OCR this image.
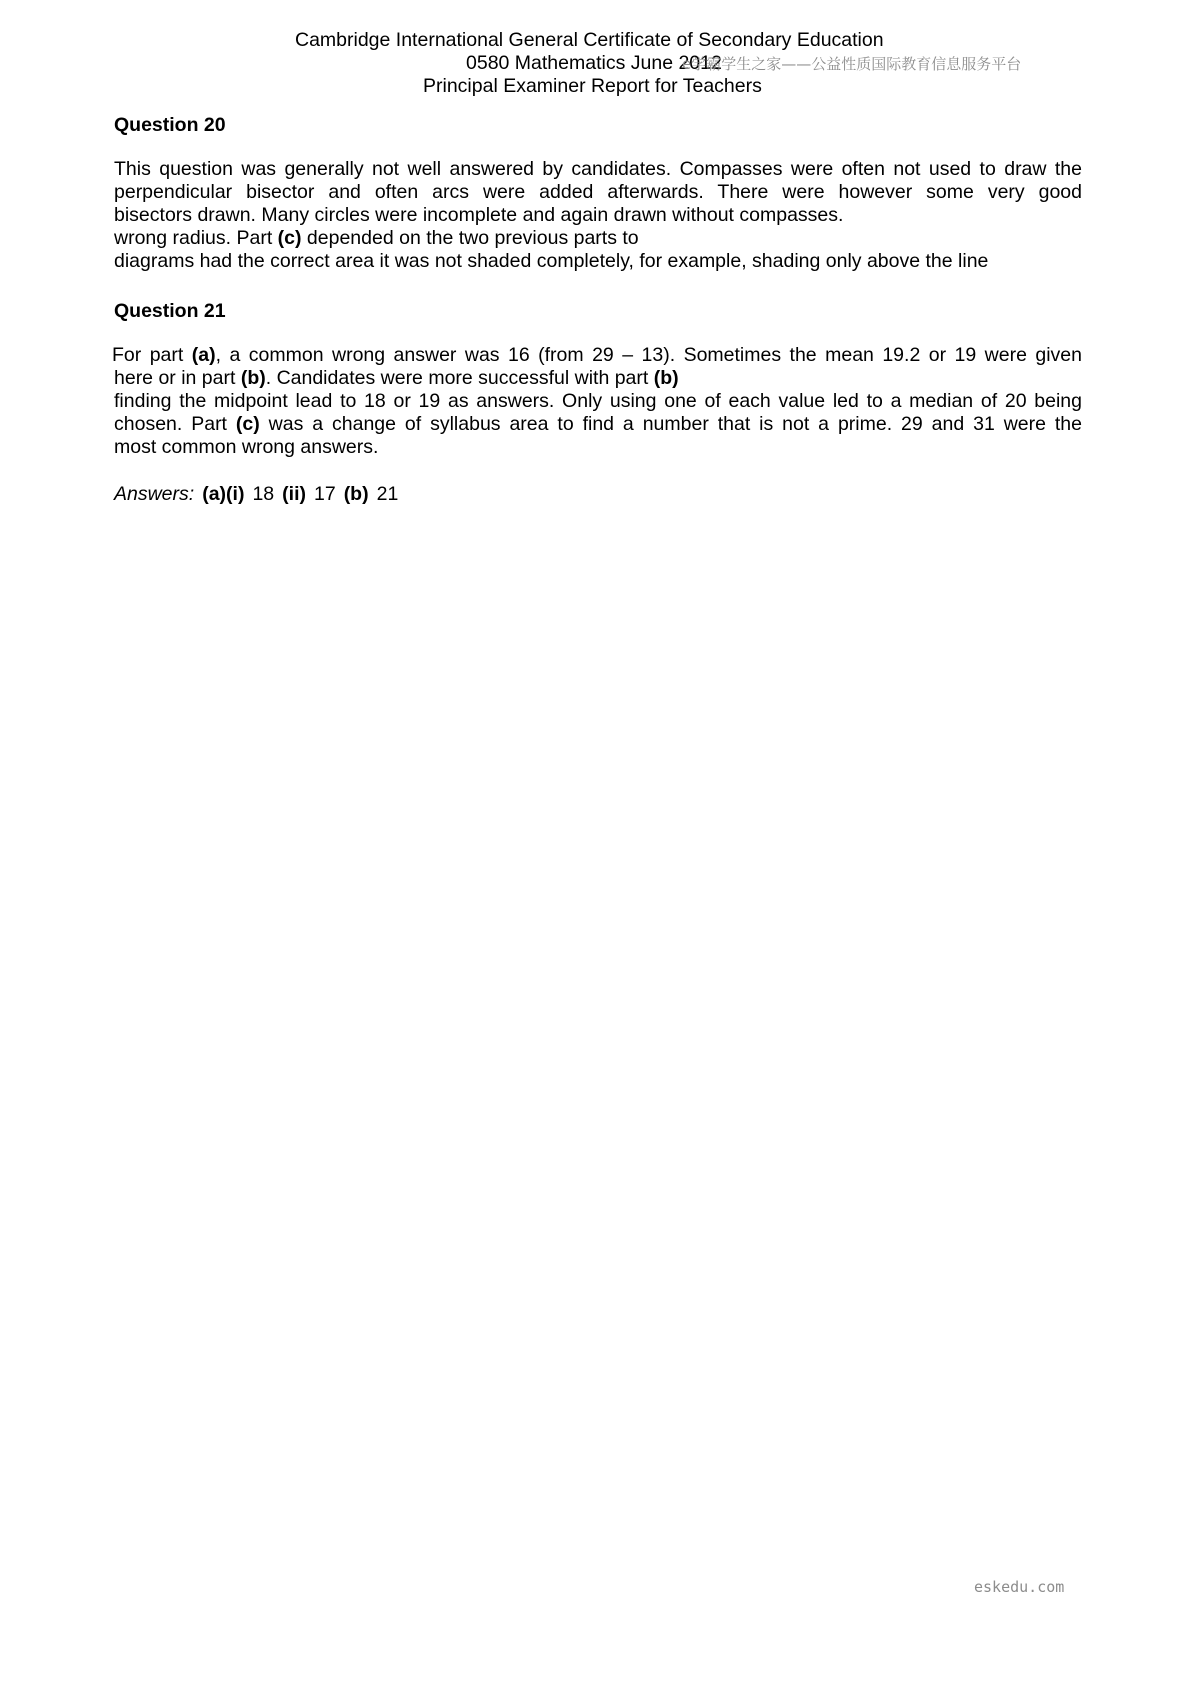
Cambridge International General Certificate of Secondary Education
0580 Mathematics June 2012
Principal Examiner Report for Teachers
e学霸学生之家——公益性质国际教育信息服务平台
Question 20
This question was generally not well answered by candidates. Compasses were often not used to draw the
perpendicular bisector and often arcs were added afterwards. There were however some very good
bisectors drawn. Many circles were incomplete and again drawn without compasses.
wrong radius. Part (c) depended on the two previous parts to
diagrams had the correct area it was not shaded completely, for example, shading only above the line
Question 21
For part (a), a common wrong answer was 16 (from 29 – 13). Sometimes the mean 19.2 or 19 were given
here or in part (b). Candidates were more successful with part (b)
finding the midpoint lead to 18 or 19 as answers. Only using one of each value led to a median of 20 being
chosen. Part (c) was a change of syllabus area to find a number that is not a prime. 29 and 31 were the
most common wrong answers.
Answers: (a)(i) 18 (ii) 17 (b) 21
eskedu.com
